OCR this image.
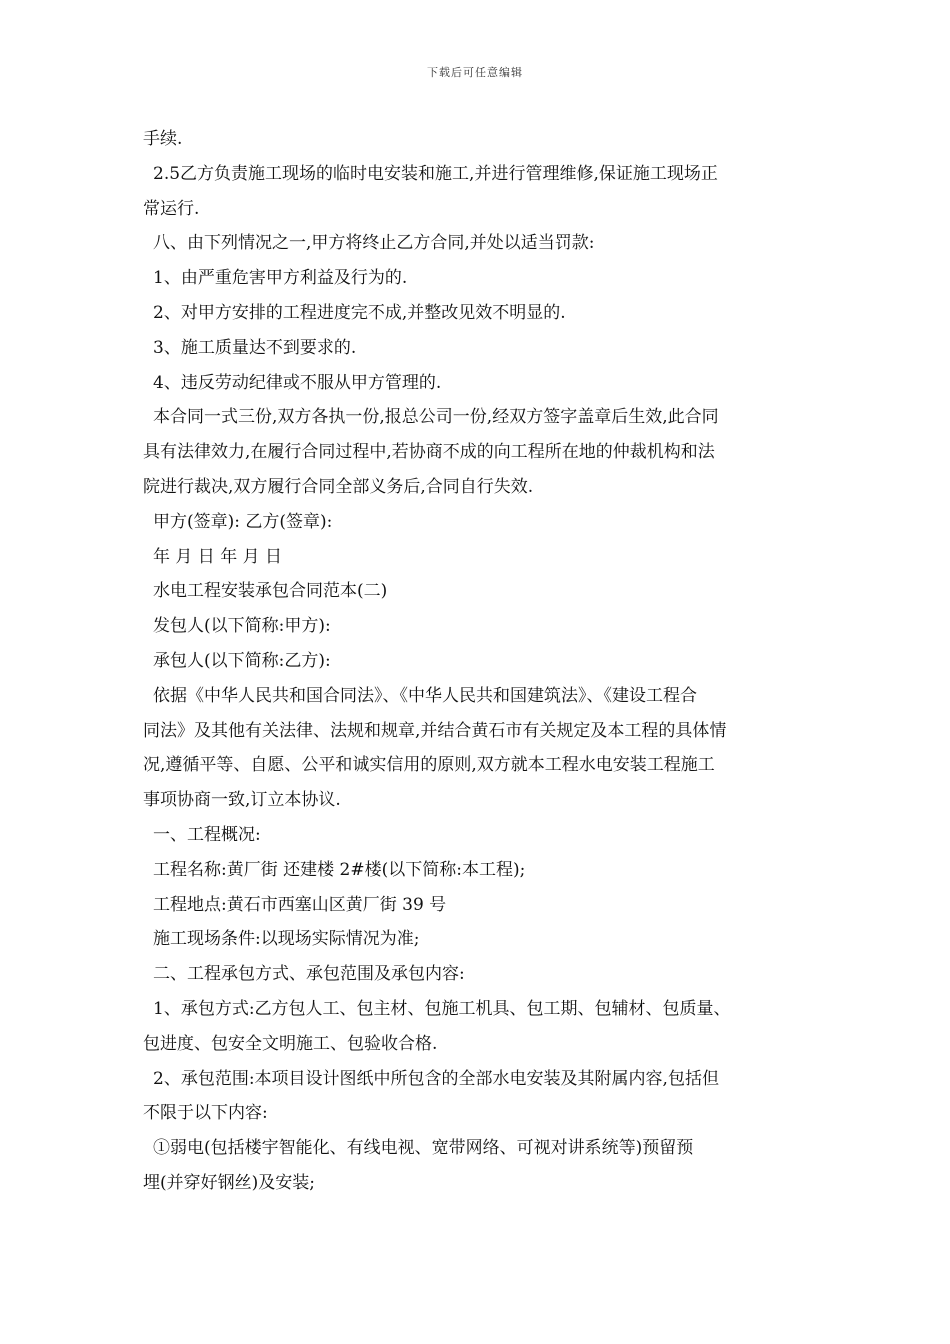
下载后可任意编辑
手续.
2.5乙方负责施工现场的临时电安装和施工,并进行管理维修,保证施工现场正
常运行.
八、由下列情况之一,甲方将终止乙方合同,并处以适当罚款:
1、由严重危害甲方利益及行为的.
2、对甲方安排的工程进度完不成,并整改见效不明显的.
3、施工质量达不到要求的.
4、违反劳动纪律或不服从甲方管理的.
本合同一式三份,双方各执一份,报总公司一份,经双方签字盖章后生效,此合同
具有法律效力,在履行合同过程中,若协商不成的向工程所在地的仲裁机构和法
院进行裁决,双方履行合同全部义务后,合同自行失效.
甲方(签章): 乙方(签章):
年 月 日 年 月 日
水电工程安装承包合同范本(二)
发包人(以下简称:甲方):
承包人(以下简称:乙方):
依据《中华人民共和国合同法》、《中华人民共和国建筑法》、《建设工程合
同法》及其他有关法律、法规和规章,并结合黄石市有关规定及本工程的具体情
况,遵循平等、自愿、公平和诚实信用的原则,双方就本工程水电安装工程施工
事项协商一致,订立本协议.
一、工程概况:
工程名称:黄厂街 还建楼 2#楼(以下简称:本工程);
工程地点:黄石市西塞山区黄厂街 39 号
施工现场条件:以现场实际情况为准;
二、工程承包方式、承包范围及承包内容:
1、承包方式:乙方包人工、包主材、包施工机具、包工期、包辅材、包质量、
包进度、包安全文明施工、包验收合格.
2、承包范围:本项目设计图纸中所包含的全部水电安装及其附属内容,包括但
不限于以下内容:
①弱电(包括楼宇智能化、有线电视、宽带网络、可视对讲系统等)预留预
埋(并穿好钢丝)及安装;
